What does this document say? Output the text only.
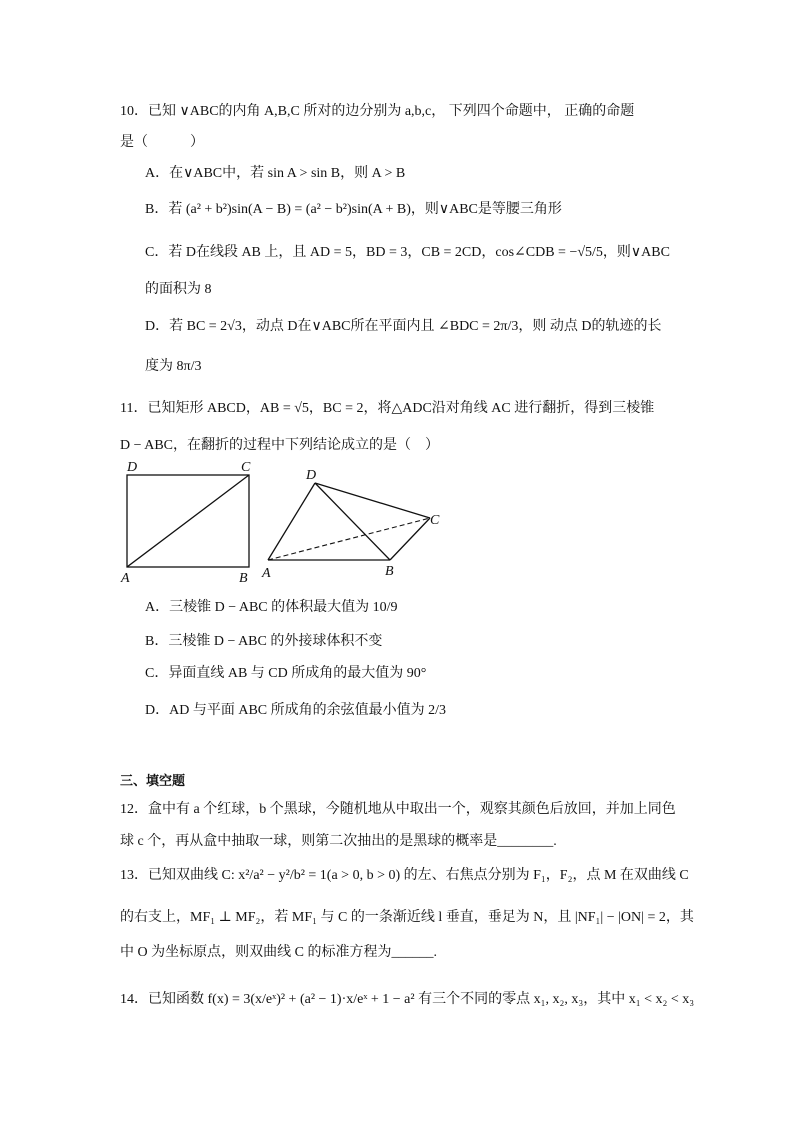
10．已知 ∨ABC的内角 A,B,C 所对的边分别为 a,b,c， 下列四个命题中， 正确的命题
是（　　　）
A．在∨ABC中，若 sin A > sin B，则 A > B
B．若 (a² + b²)sin(A − B) = (a² − b²)sin(A + B)，则∨ABC是等腰三角形
C．若 D在线段 AB 上，且 AD = 5，BD = 3，CB = 2CD，cos∠CDB = −√5/5，则∨ABC
的面积为 8
D．若 BC = 2√3，动点 D在∨ABC所在平面内且 ∠BDC = 2π/3，则 动点 D的轨迹的长
度为 8π/3
11．已知矩形 ABCD，AB = √5，BC = 2，将△ADC沿对角线 AC 进行翻折，得到三棱锥
D − ABC，在翻折的过程中下列结论成立的是（　）
D	C
A	B
D
C
A	B
A．三棱锥 D − ABC 的体积最大值为 10/9
B．三棱锥 D − ABC 的外接球体积不变
C．异面直线 AB 与 CD 所成角的最大值为 90°
D．AD 与平面 ABC 所成角的余弦值最小值为 2/3
三、填空题
12．盒中有 a 个红球，b 个黑球，今随机地从中取出一个，观察其颜色后放回，并加上同色
球 c 个，再从盒中抽取一球，则第二次抽出的是黑球的概率是________.
13．已知双曲线 C: x²/a² − y²/b² = 1(a > 0, b > 0) 的左、右焦点分别为 F₁，F₂，点 M 在双曲线 C
的右支上，MF₁ ⊥ MF₂，若 MF₁ 与 C 的一条渐近线 l 垂直，垂足为 N，且 |NF₁| − |ON| = 2，其
中 O 为坐标原点，则双曲线 C 的标准方程为______.
14．已知函数 f(x) = 3(x/eˣ)² + (a² − 1)·x/eˣ + 1 − a² 有三个不同的零点 x₁, x₂, x₃，其中 x₁ < x₂ < x₃
